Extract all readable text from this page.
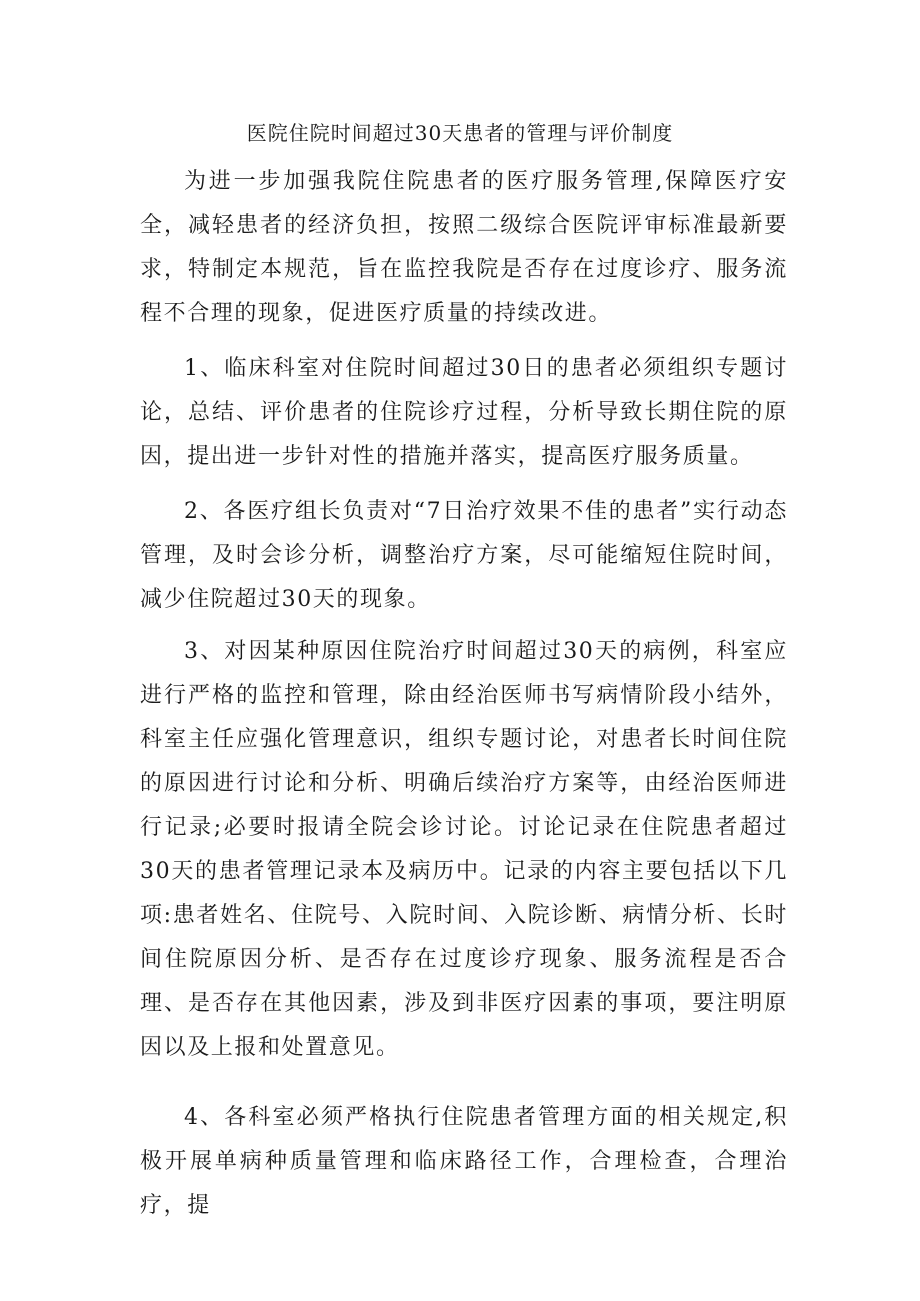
医院住院时间超过30天患者的管理与评价制度

为进一步加强我院住院患者的医疗服务管理,保障医疗安全，减轻患者的经济负担，按照二级综合医院评审标准最新要求，特制定本规范，旨在监控我院是否存在过度诊疗、服务流程不合理的现象，促进医疗质量的持续改进。

1、临床科室对住院时间超过30日的患者必须组织专题讨论，总结、评价患者的住院诊疗过程，分析导致长期住院的原因，提出进一步针对性的措施并落实，提高医疗服务质量。

2、各医疗组长负责对“7日治疗效果不佳的患者”实行动态管理，及时会诊分析，调整治疗方案，尽可能缩短住院时间，减少住院超过30天的现象。

3、对因某种原因住院治疗时间超过30天的病例，科室应进行严格的监控和管理，除由经治医师书写病情阶段小结外，科室主任应强化管理意识，组织专题讨论，对患者长时间住院的原因进行讨论和分析、明确后续治疗方案等，由经治医师进行记录;必要时报请全院会诊讨论。讨论记录在住院患者超过30天的患者管理记录本及病历中。记录的内容主要包括以下几项:患者姓名、住院号、入院时间、入院诊断、病情分析、长时间住院原因分析、是否存在过度诊疗现象、服务流程是否合理、是否存在其他因素，涉及到非医疗因素的事项，要注明原因以及上报和处置意见。

4、各科室必须严格执行住院患者管理方面的相关规定,积极开展单病种质量管理和临床路径工作，合理检查，合理治疗，提
